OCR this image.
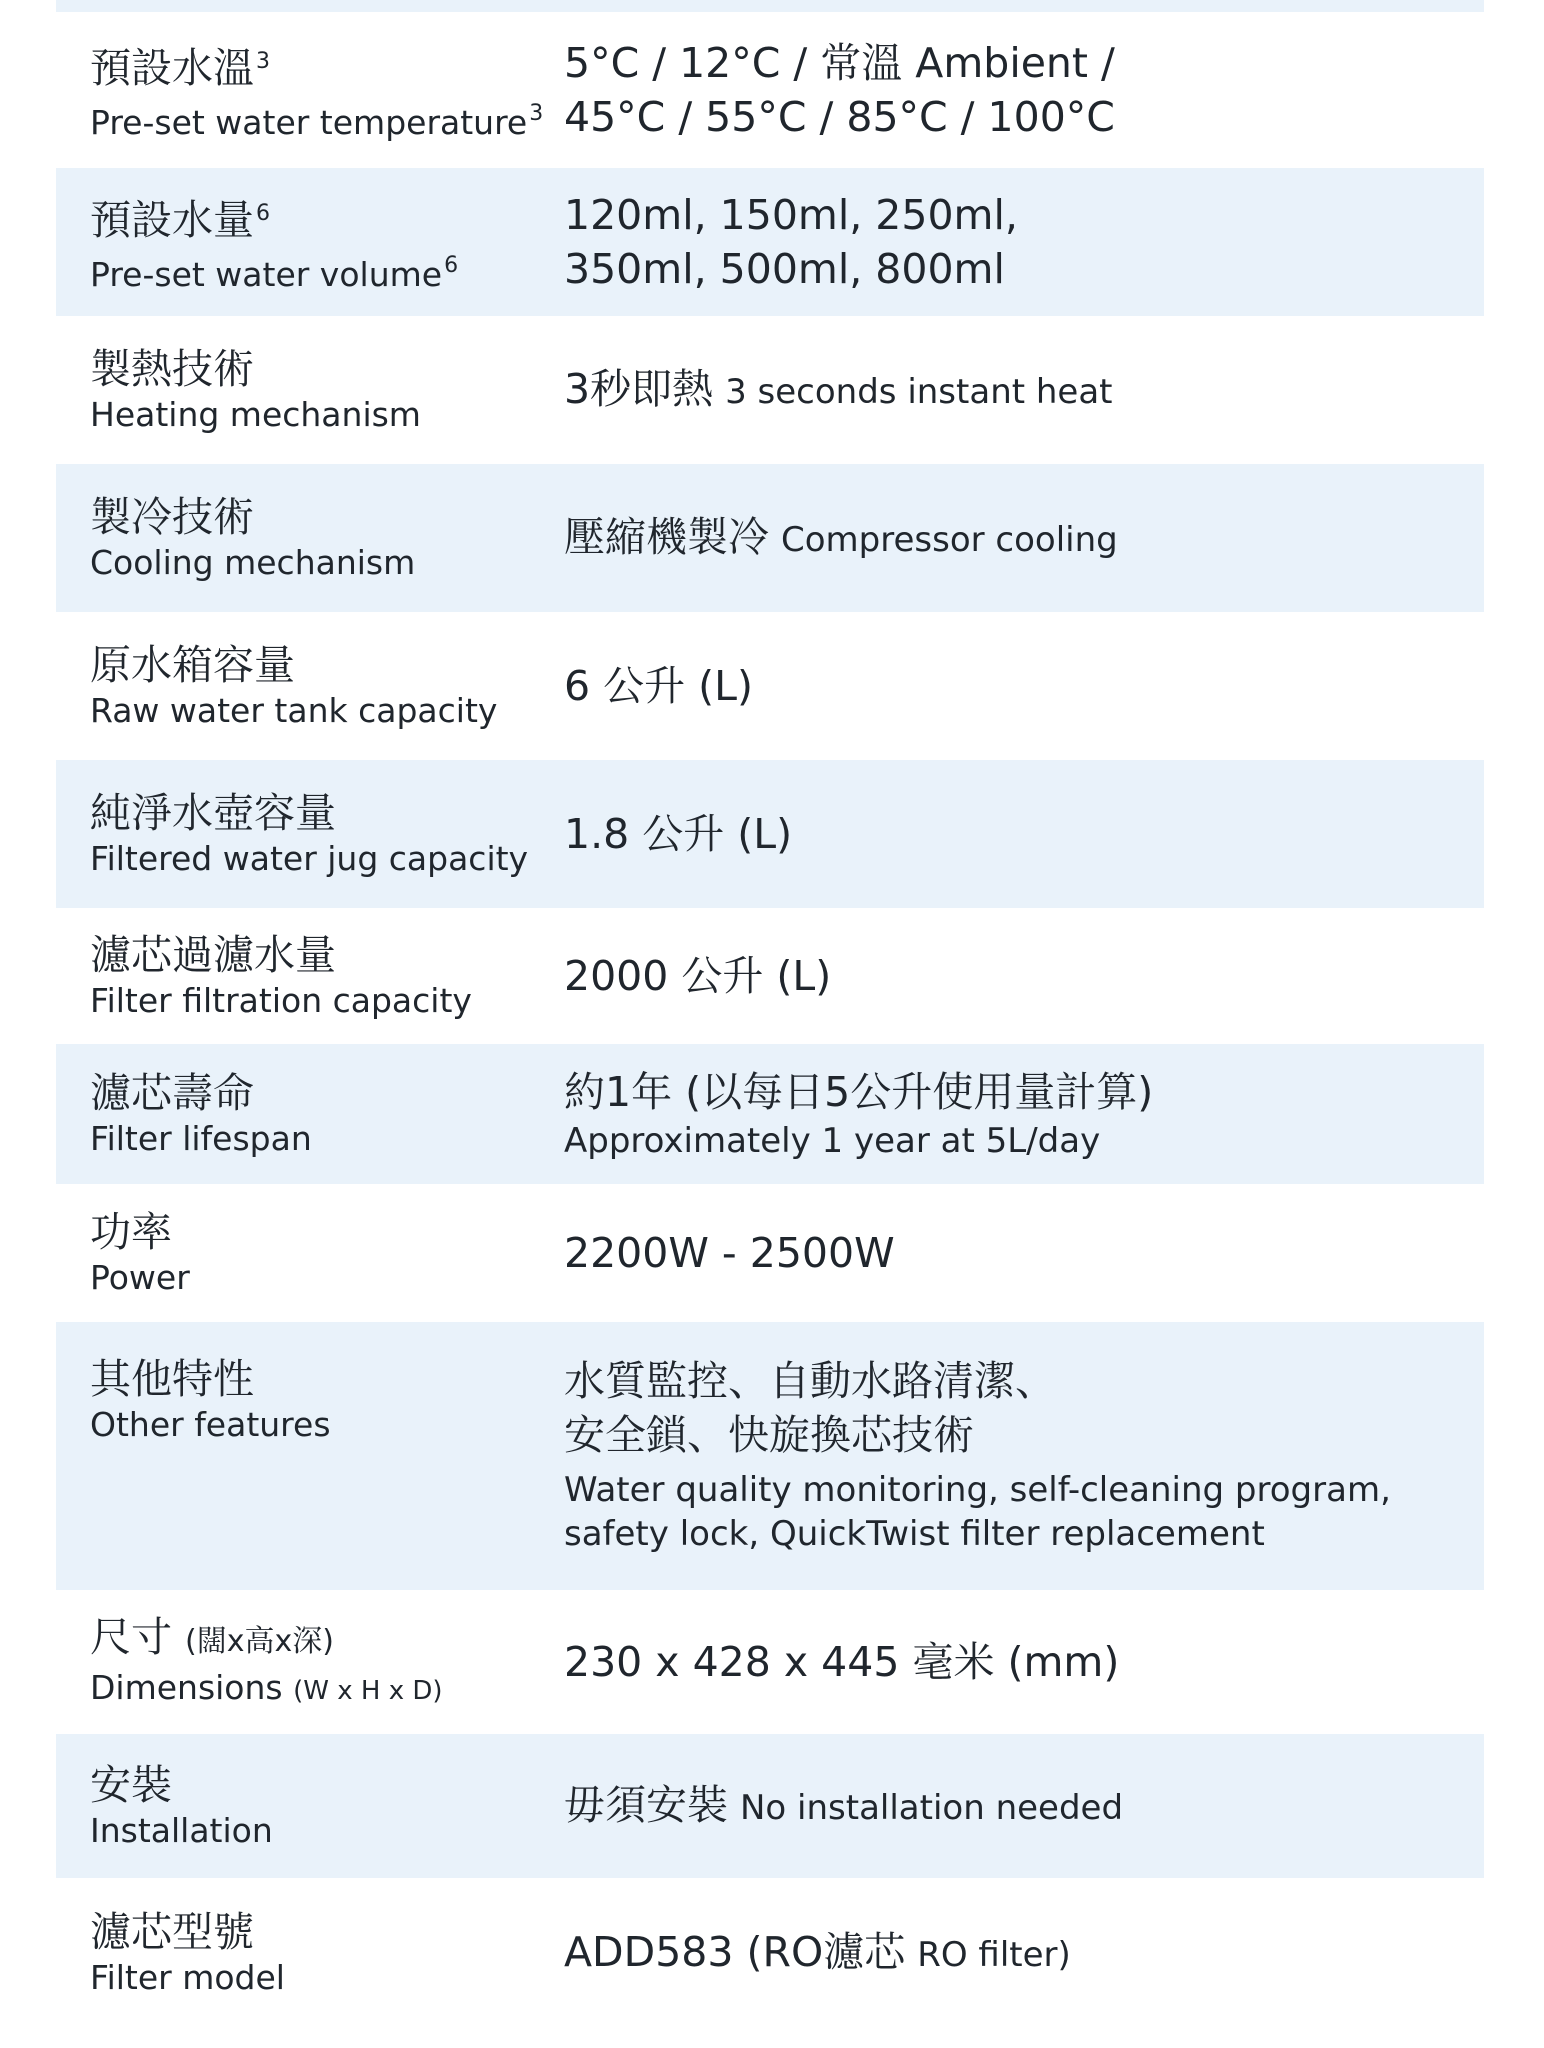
預設水溫$^3$
Pre-set water temperature$^3$
5°C / 12°C / 常溫 Ambient /
45°C / 55°C / 85°C / 100°C
預設水量$^6$
Pre-set water volume$^6$
120ml, 150ml, 250ml,
350ml, 500ml, 800ml
製熱技術
Heating mechanism
3秒即熱 3 seconds instant heat
製冷技術
Cooling mechanism
壓縮機製冷 Compressor cooling
原水箱容量
Raw water tank capacity
6 公升 (L)
純淨水壺容量
Filtered water jug capacity
1.8 公升 (L)
濾芯過濾水量
Filter filtration capacity
2000 公升 (L)
濾芯壽命
Filter lifespan
約1年 (以每日5公升使用量計算)
Approximately 1 year at 5L/day
功率
Power
2200W - 2500W
其他特性
Other features
水質監控、自動水路清潔、
安全鎖、快旋換芯技術
Water quality monitoring, self-cleaning program,
safety lock, QuickTwist filter replacement
尺寸 (闊x高x深)
Dimensions (W x H x D)
230 x 428 x 445 毫米 (mm)
安裝
Installation
毋須安裝 No installation needed
濾芯型號
Filter model
ADD583 (RO濾芯 RO filter)
